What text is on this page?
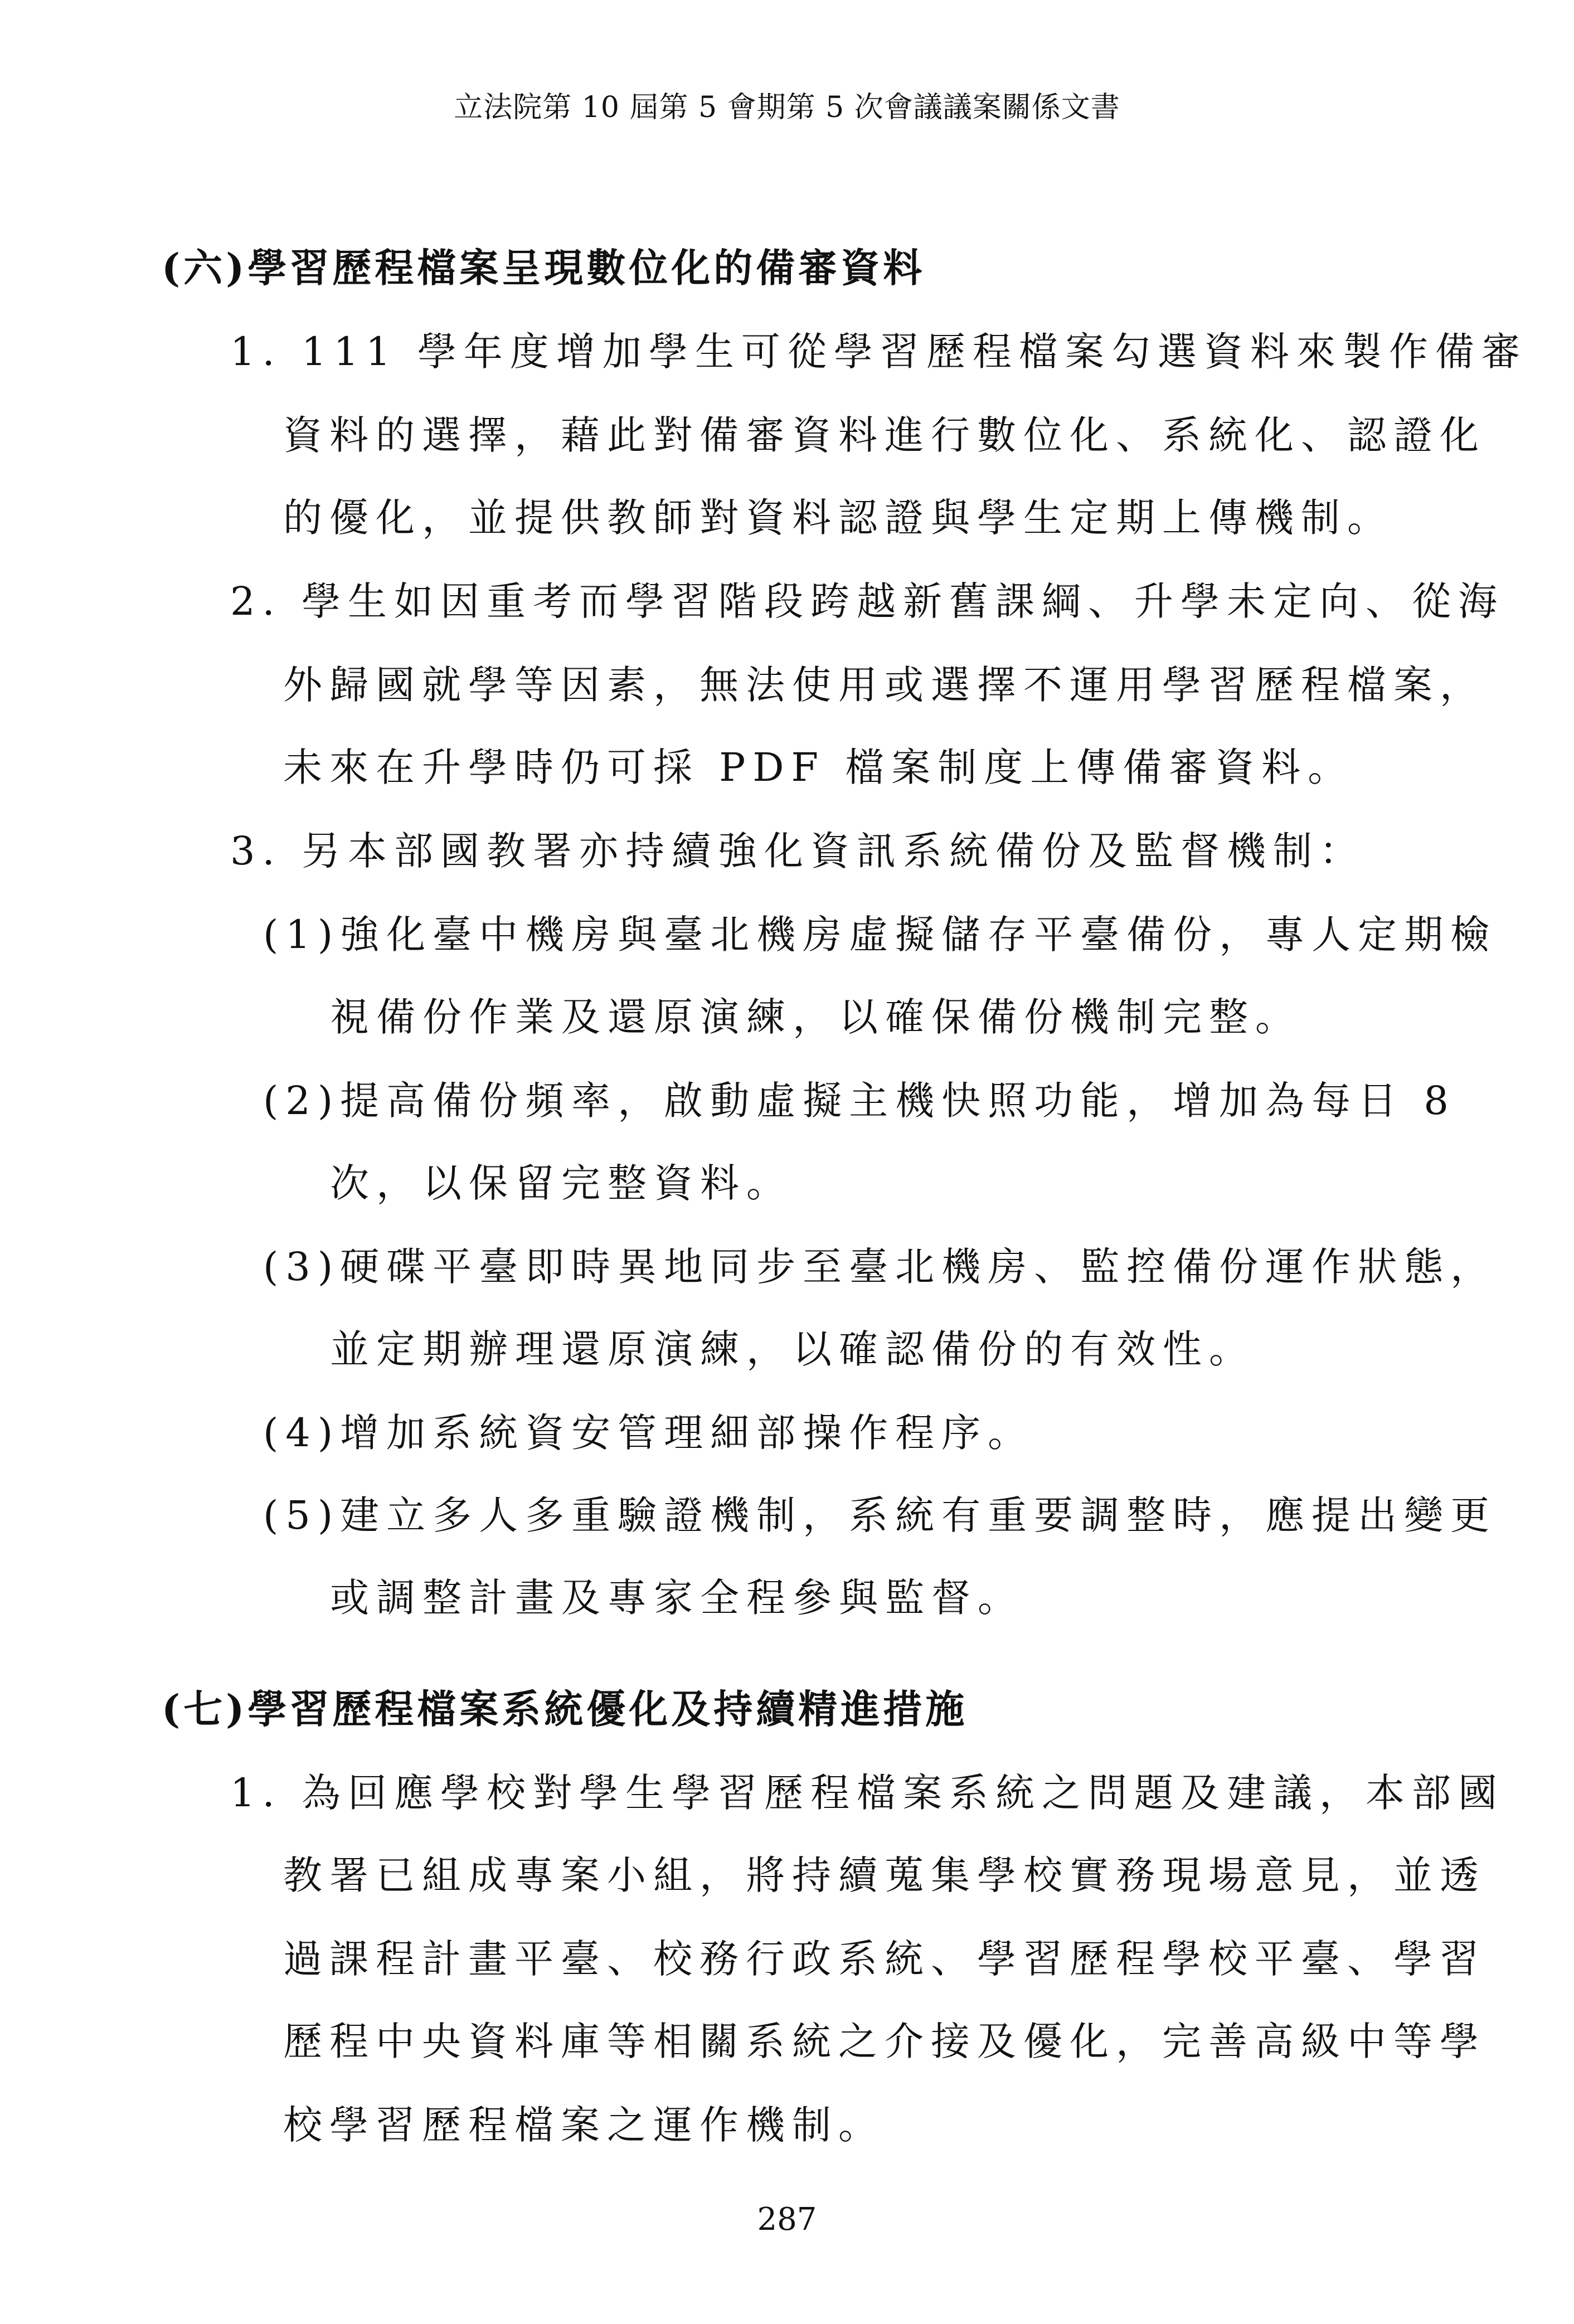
立法院第 10 屆第 5 會期第 5 次會議議案關係文書
(六)學習歷程檔案呈現數位化的備審資料
1. 111 學年度增加學生可從學習歷程檔案勾選資料來製作備審
資料的選擇，藉此對備審資料進行數位化、系統化、認證化
的優化，並提供教師對資料認證與學生定期上傳機制。
2. 學生如因重考而學習階段跨越新舊課綱、升學未定向、從海
外歸國就學等因素，無法使用或選擇不運用學習歷程檔案，
未來在升學時仍可採 PDF 檔案制度上傳備審資料。
3. 另本部國教署亦持續強化資訊系統備份及監督機制：
(1)強化臺中機房與臺北機房虛擬儲存平臺備份，專人定期檢
視備份作業及還原演練，以確保備份機制完整。
(2)提高備份頻率，啟動虛擬主機快照功能，增加為每日 8
次，以保留完整資料。
(3)硬碟平臺即時異地同步至臺北機房、監控備份運作狀態，
並定期辦理還原演練，以確認備份的有效性。
(4)增加系統資安管理細部操作程序。
(5)建立多人多重驗證機制，系統有重要調整時，應提出變更
或調整計畫及專家全程參與監督。
(七)學習歷程檔案系統優化及持續精進措施
1. 為回應學校對學生學習歷程檔案系統之問題及建議，本部國
教署已組成專案小組，將持續蒐集學校實務現場意見，並透
過課程計畫平臺、校務行政系統、學習歷程學校平臺、學習
歷程中央資料庫等相關系統之介接及優化，完善高級中等學
校學習歷程檔案之運作機制。
287
